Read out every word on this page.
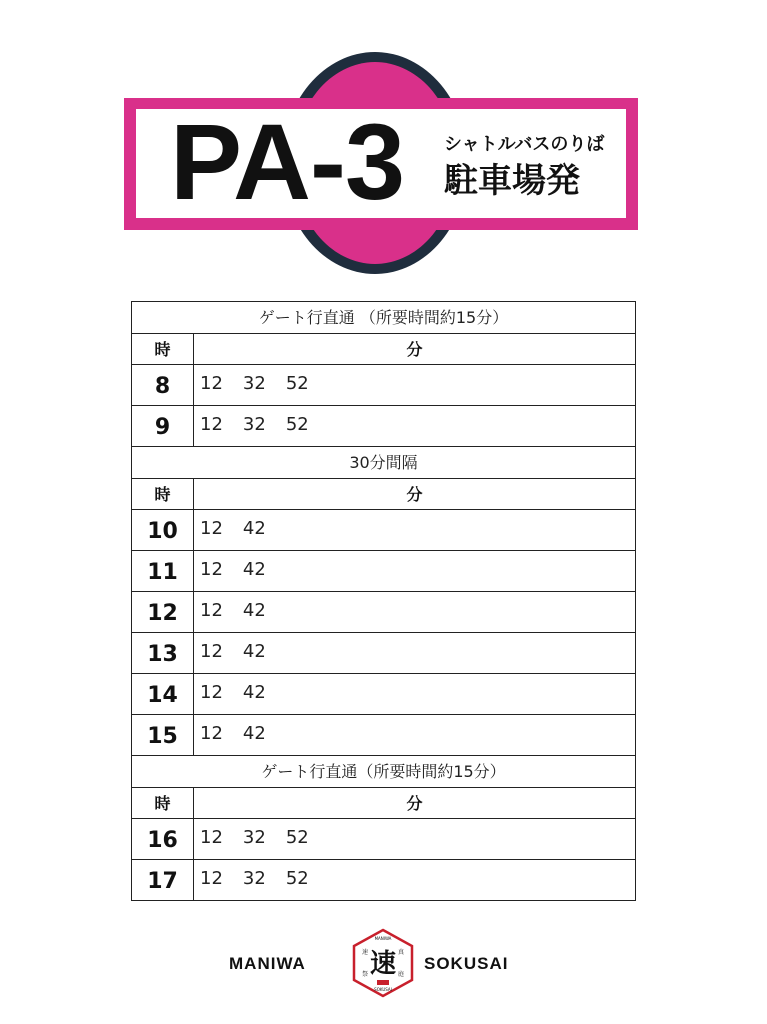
PA-3	シャトルバスのりば
駐車場発
ゲート行直通 （所要時間約15分）
時	分
8	12 32 52
9	12 32 52
30分間隔
時	分
10	12 42
11	12 42
12	12 42
13	12 42
14	12 42
15	12 42
ゲート行直通（所要時間約15分）
時	分
16	12 32 52
17	12 32 52
MANIWA
MANIWA
SOKUSAI
速	真
庭
祭 速 SOKUSAI
